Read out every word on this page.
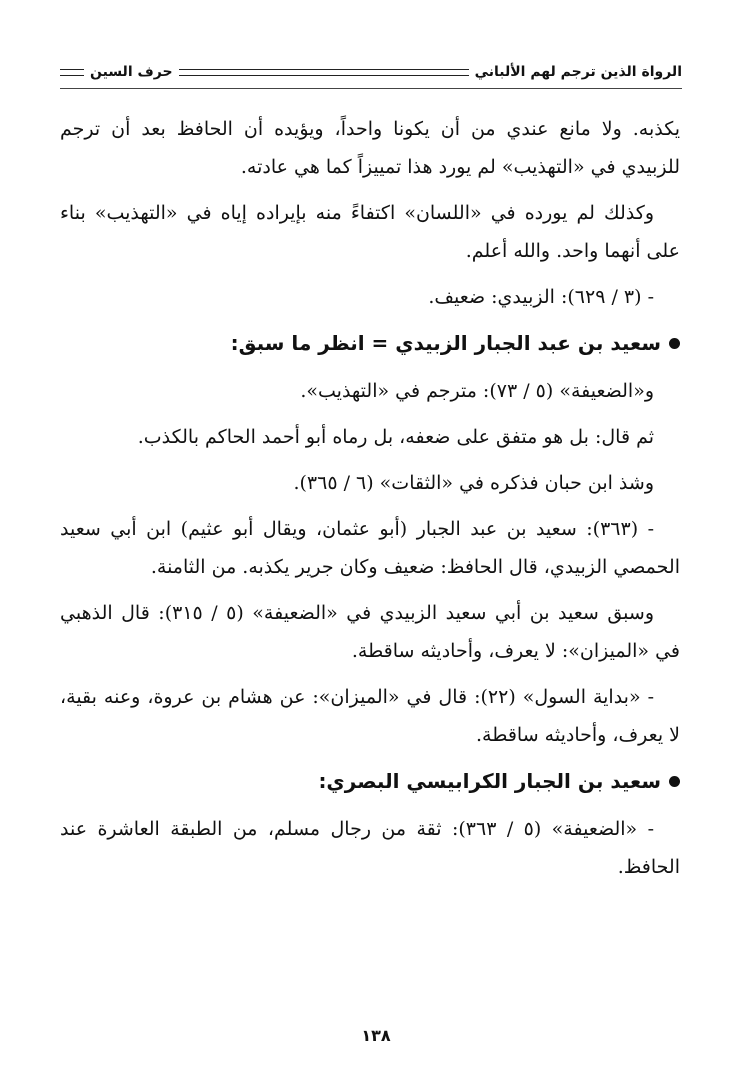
الرواة الذين ترجم لهم الألباني
حرف السين

يكذبه. ولا مانع عندي من أن يكونا واحداً، ويؤيده أن الحافظ بعد أن ترجم للزبيدي في «التهذيب» لم يورد هذا تمييزاً كما هي عادته.

وكذلك لم يورده في «اللسان» اكتفاءً منه بإيراده إياه في «التهذيب» بناء على أنهما واحد. والله أعلم.

- (٣ / ٦٢٩): الزبيدي: ضعيف.

سعيد بن عبد الجبار الزبيدي = انظر ما سبق:

و«الضعيفة» (٥ / ٧٣): مترجم في «التهذيب».

ثم قال: بل هو متفق على ضعفه، بل رماه أبو أحمد الحاكم بالكذب.

وشذ ابن حبان فذكره في «الثقات» (٦ / ٣٦٥).

- (٣٦٣): سعيد بن عبد الجبار (أبو عثمان، ويقال أبو عثيم) ابن أبي سعيد الحمصي الزبيدي، قال الحافظ: ضعيف وكان جرير يكذبه. من الثامنة.

وسبق سعيد بن أبي سعيد الزبيدي في «الضعيفة» (٥ / ٣١٥): قال الذهبي في «الميزان»: لا يعرف، وأحاديثه ساقطة.

- «بداية السول» (٢٢): قال في «الميزان»: عن هشام بن عروة، وعنه بقية، لا يعرف، وأحاديثه ساقطة.

سعيد بن الجبار الكرابيسي البصري:

- «الضعيفة» (٥ / ٣٦٣): ثقة من رجال مسلم، من الطبقة العاشرة عند الحافظ.

١٣٨
